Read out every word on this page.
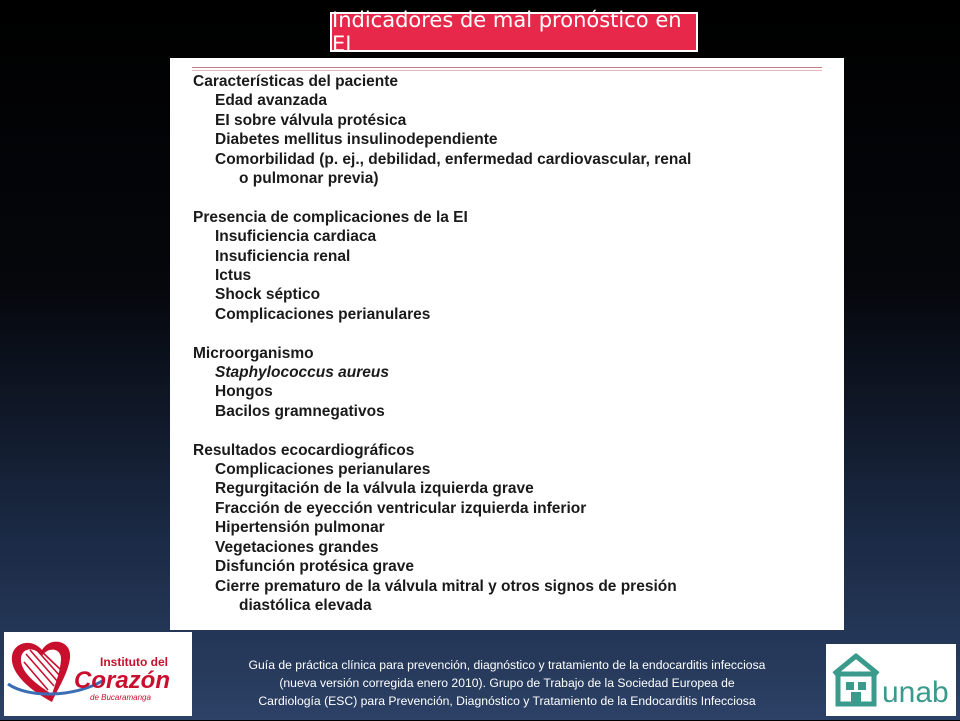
Indicadores de mal pronóstico en EI
Características del paciente
Edad avanzada
EI sobre válvula protésica
Diabetes mellitus insulinodependiente
Comorbilidad (p. ej., debilidad, enfermedad cardiovascular, renal
o pulmonar previa)
Presencia de complicaciones de la EI
Insuficiencia cardiaca
Insuficiencia renal
Ictus
Shock séptico
Complicaciones perianulares
Microorganismo
Staphylococcus aureus
Hongos
Bacilos gramnegativos
Resultados ecocardiográficos
Complicaciones perianulares
Regurgitación de la válvula izquierda grave
Fracción de eyección ventricular izquierda inferior
Hipertensión pulmonar
Vegetaciones grandes
Disfunción protésica grave
Cierre prematuro de la válvula mitral y otros signos de presión
diastólica elevada
Instituto del
Corazón
de Bucaramanga
Guía de práctica clínica para prevención, diagnóstico y tratamiento de la endocarditis infecciosa
(nueva versión corregida enero 2010). Grupo de Trabajo de la Sociedad Europea de
Cardiología (ESC) para Prevención, Diagnóstico y Tratamiento de la Endocarditis Infecciosa	unab
